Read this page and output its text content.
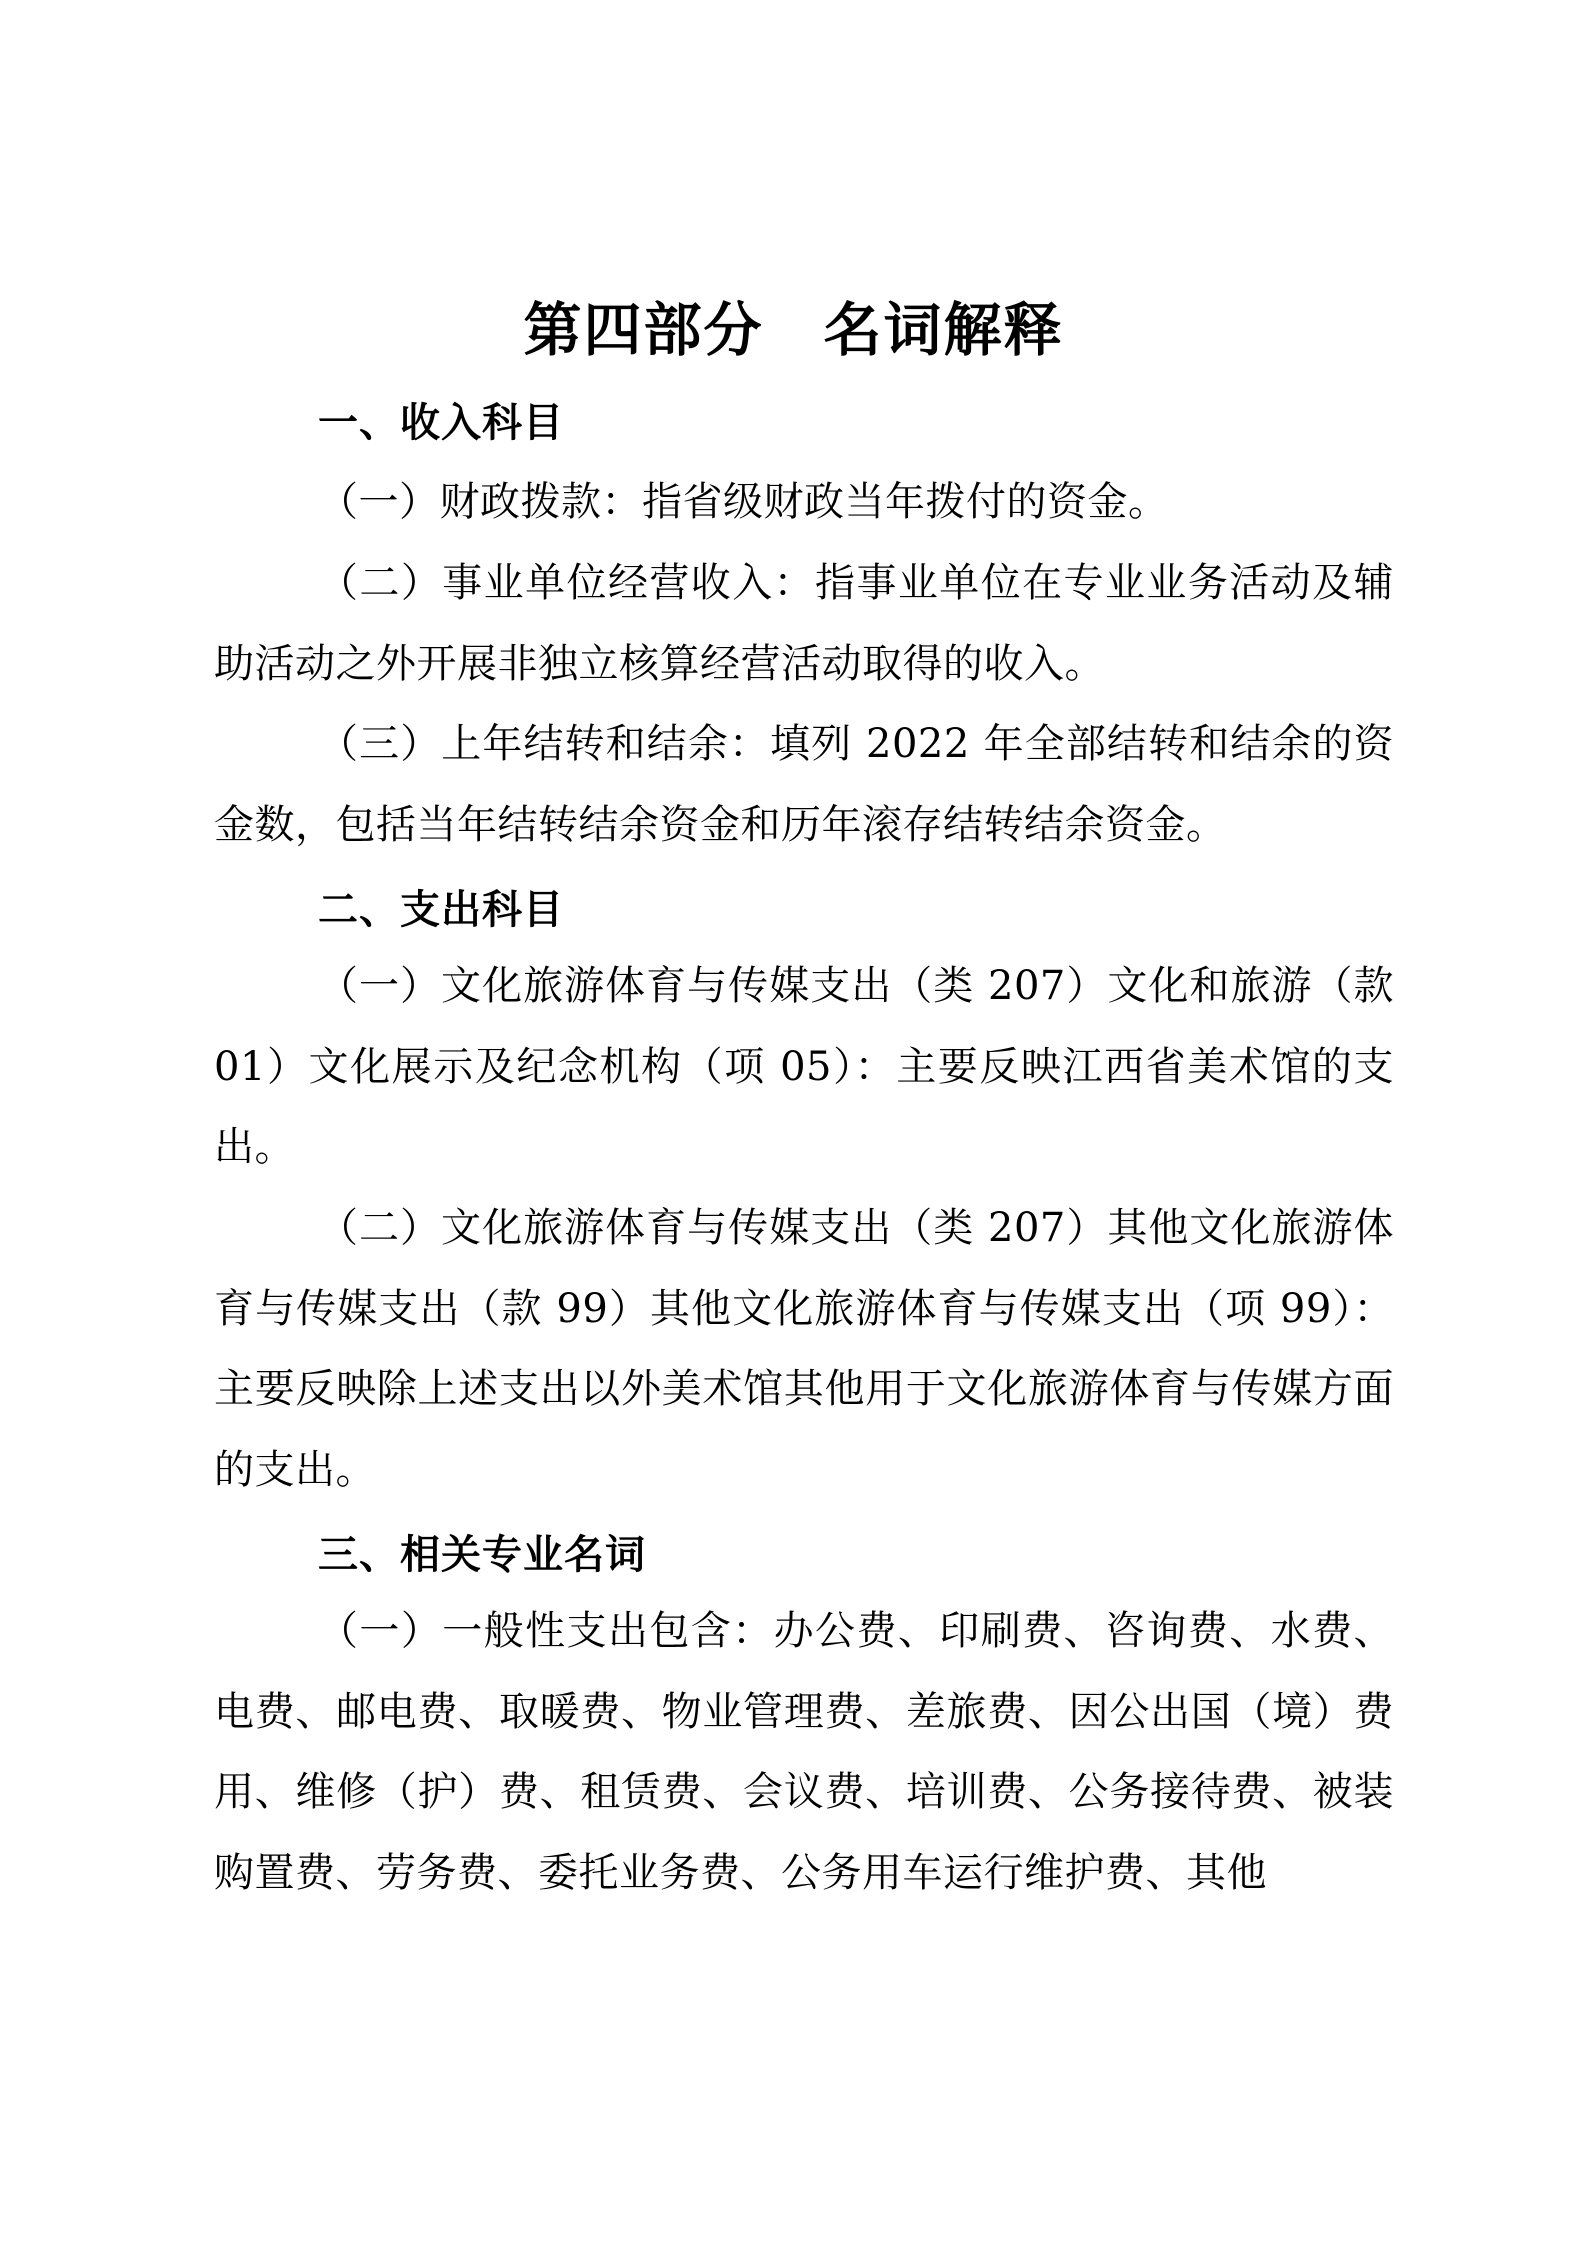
第四部分　名词解释
一、收入科目
（一）财政拨款：指省级财政当年拨付的资金。
（二）事业单位经营收入：指事业单位在专业业务活动及辅助活动之外开展非独立核算经营活动取得的收入。
（三）上年结转和结余：填列 2022 年全部结转和结余的资金数，包括当年结转结余资金和历年滚存结转结余资金。
二、支出科目
（一）文化旅游体育与传媒支出（类 207）文化和旅游（款 01）文化展示及纪念机构（项 05）：主要反映江西省美术馆的支出。
（二）文化旅游体育与传媒支出（类 207）其他文化旅游体育与传媒支出（款 99）其他文化旅游体育与传媒支出（项 99）：主要反映除上述支出以外美术馆其他用于文化旅游体育与传媒方面的支出。
三、相关专业名词
（一）一般性支出包含：办公费、印刷费、咨询费、水费、电费、邮电费、取暖费、物业管理费、差旅费、因公出国（境）费用、维修（护）费、租赁费、会议费、培训费、公务接待费、被装购置费、劳务费、委托业务费、公务用车运行维护费、其他
